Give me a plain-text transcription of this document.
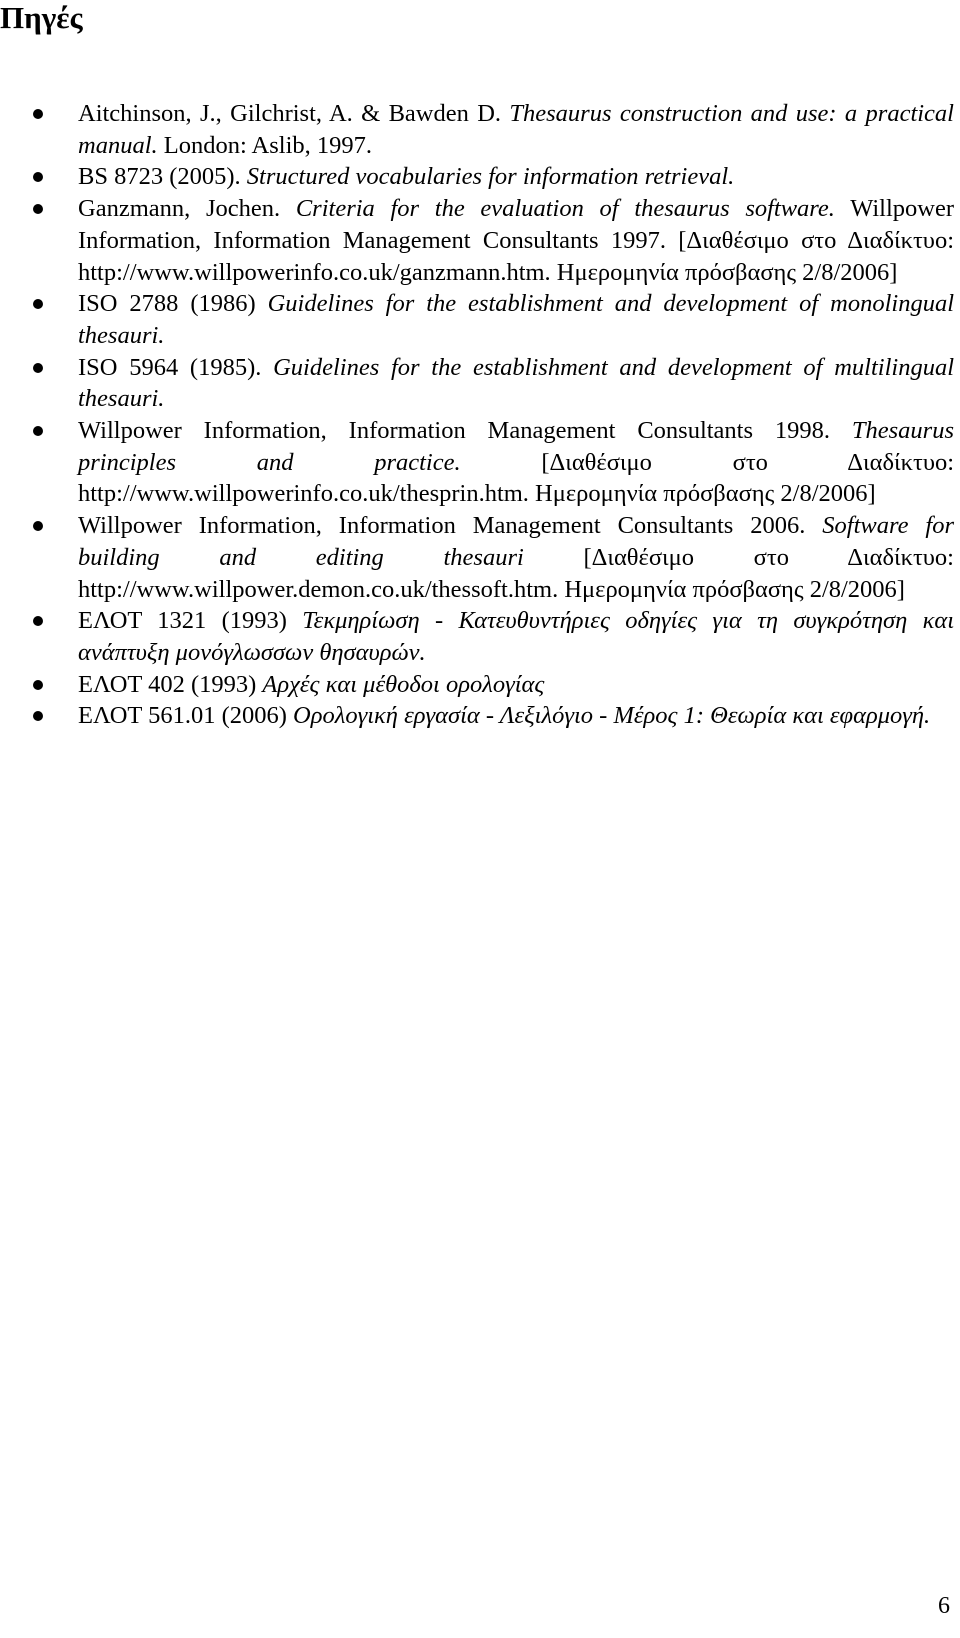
Πηγές
Aitchinson, J., Gilchrist, A. & Bawden D. Thesaurus construction and use: a practical manual. London: Aslib, 1997.
BS 8723 (2005). Structured vocabularies for information retrieval.
Ganzmann, Jochen. Criteria for the evaluation of thesaurus software. Willpower Information, Information Management Consultants 1997. [Διαθέσιμο στο Διαδίκτυο: http://www.willpowerinfo.co.uk/ganzmann.htm. Ημερομηνία πρόσβασης 2/8/2006]
ISO 2788 (1986) Guidelines for the establishment and development of monolingual thesauri.
ISO 5964 (1985). Guidelines for the establishment and development of multilingual thesauri.
Willpower Information, Information Management Consultants 1998. Thesaurus principles and practice. [Διαθέσιμο στο Διαδίκτυο: http://www.willpowerinfo.co.uk/thesprin.htm. Ημερομηνία πρόσβασης 2/8/2006]
Willpower Information, Information Management Consultants 2006. Software for building and editing thesauri [Διαθέσιμο στο Διαδίκτυο: http://www.willpower.demon.co.uk/thessoft.htm. Ημερομηνία πρόσβασης 2/8/2006]
ΕΛΟΤ 1321 (1993) Τεκμηρίωση - Κατευθυντήριες οδηγίες για τη συγκρότηση και ανάπτυξη μονόγλωσσων θησαυρών.
ΕΛΟΤ 402 (1993) Αρχές και μέθοδοι ορολογίας
ΕΛΟΤ 561.01 (2006) Ορολογική εργασία - Λεξιλόγιο - Μέρος 1: Θεωρία και εφαρμογή.
6
